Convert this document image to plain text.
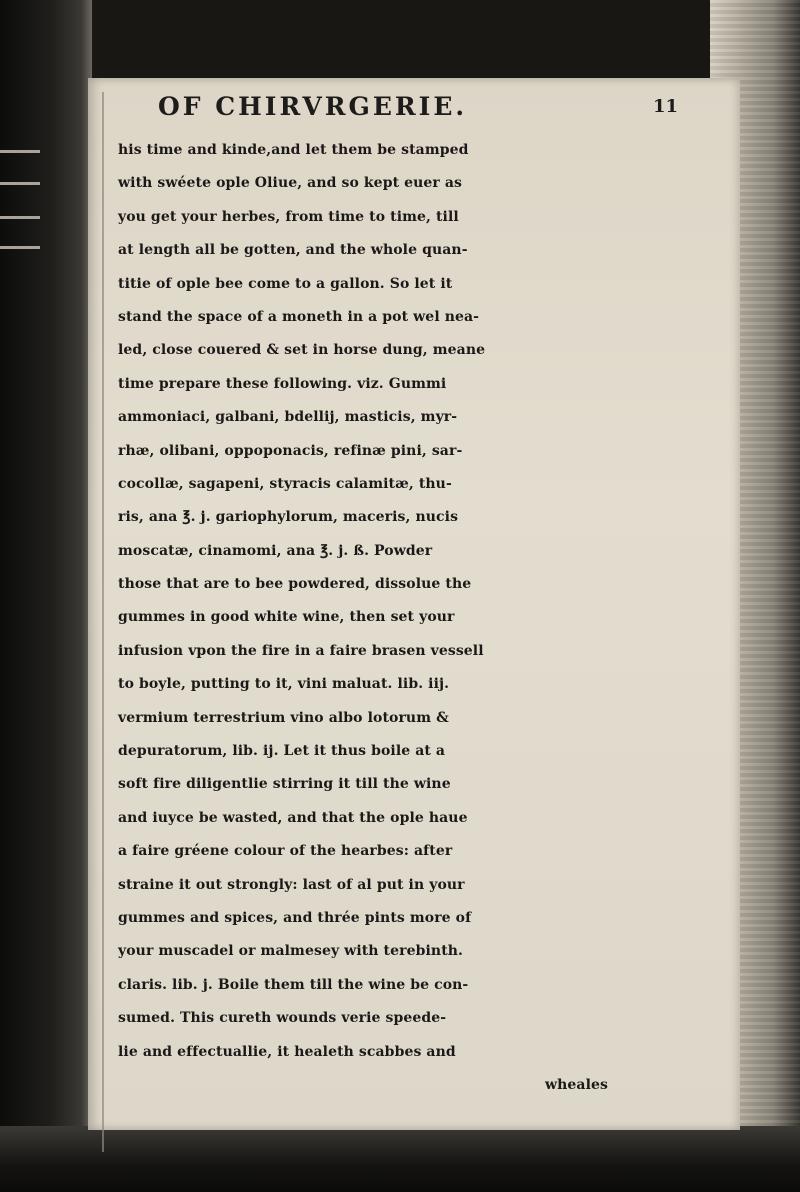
OF CHIRVRGERIE.	11
his time and kinde,and let them be stamped
with swéete ople Oliue, and so kept euer as
you get your herbes, from time to time, till
at length all be gotten, and the whole quan-
titie of ople bee come to a gallon. So let it
stand the space of a moneth in a pot wel nea-
led, close couered & set in horse dung, meane
time prepare these following. viz. Gummi
ammoniaci, galbani, bdellij, masticis, myr-
rhæ, olibani, oppoponacis, refinæ pini, sar-
cocollæ, sagapeni, styracis calamitæ, thu-
ris, ana ℥. j. gariophylorum, maceris, nucis
moscatæ, cinamomi, ana ℥. j. ß. Powder
those that are to bee powdered, dissolue the
gummes in good white wine, then set your
infusion vpon the fire in a faire brasen vessell
to boyle, putting to it, vini maluat. lib. iij.
vermium terrestrium vino albo lotorum &
depuratorum, lib. ij. Let it thus boile at a
soft fire diligentlie stirring it till the wine
and iuyce be wasted, and that the ople haue
a faire gréene colour of the hearbes: after
straine it out strongly: last of al put in your
gummes and spices, and thrée pints more of
your muscadel or malmesey with terebinth.
claris. lib. j. Boile them till the wine be con-
sumed. This cureth wounds verie speede-
lie and effectuallie, it healeth scabbes and
wheales
